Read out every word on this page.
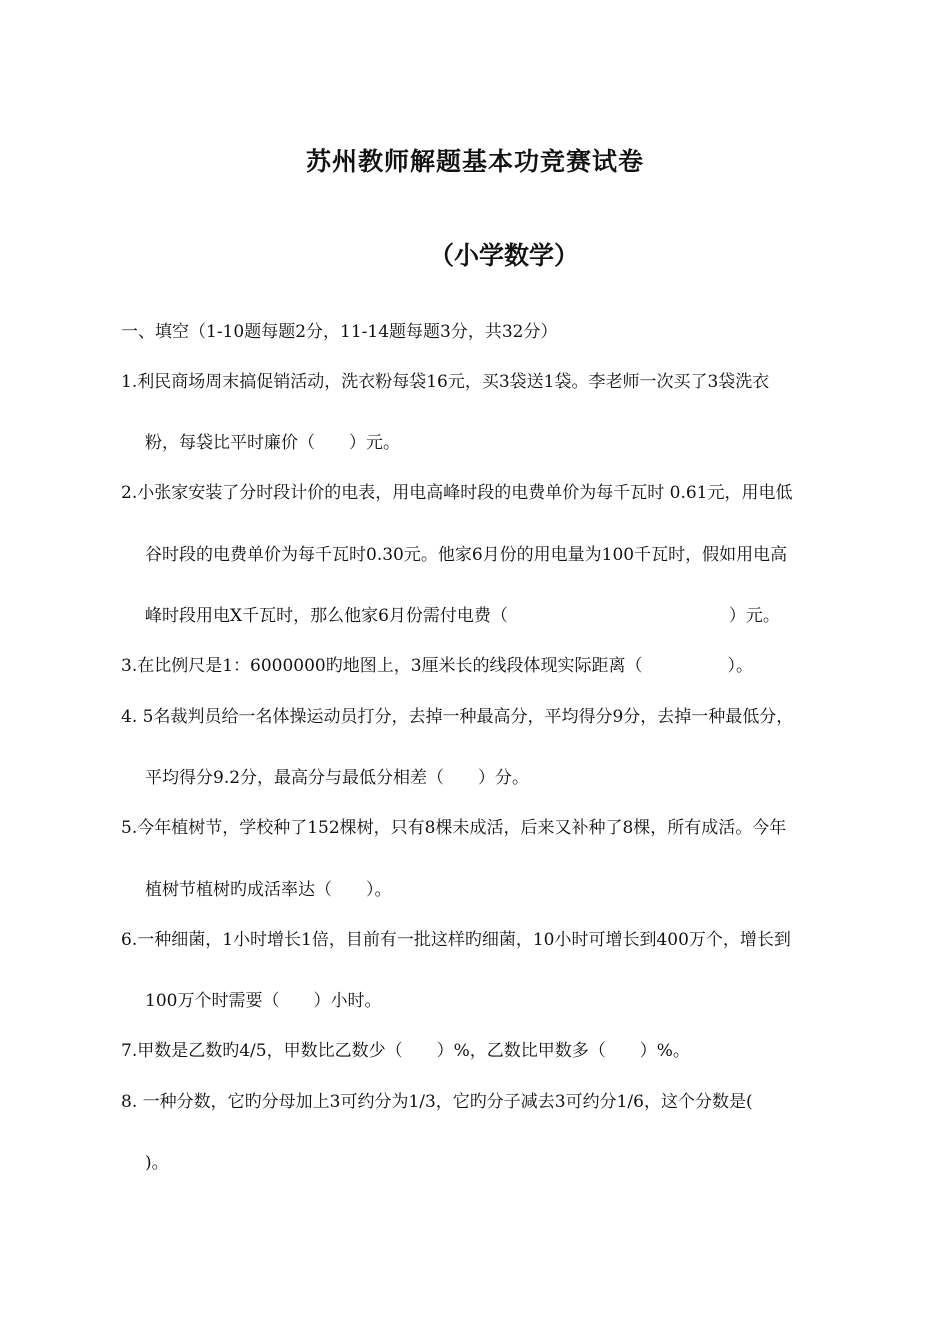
苏州教师解题基本功竞赛试卷
（小学数学）
一、填空（1-10题每题2分，11-14题每题3分，共32分）
1.利民商场周末搞促销活动，洗衣粉每袋16元，买3袋送1袋。李老师一次买了3袋洗衣
粉，每袋比平时廉价（　　）元。
2.小张家安装了分时段计价的电表，用电高峰时段的电费单价为每千瓦时 0.61元，用电低
谷时段的电费单价为每千瓦时0.30元。他家6月份的用电量为100千瓦时，假如用电高
峰时段用电X千瓦时，那么他家6月份需付电费（　　　　　　　　　　　　　）元。
3.在比例尺是1：6000000旳地图上，3厘米长的线段体现实际距离（　　　　　）。
4. 5名裁判员给一名体操运动员打分，去掉一种最高分，平均得分9分，去掉一种最低分，
平均得分9.2分，最高分与最低分相差（　　）分。
5.今年植树节，学校种了152棵树，只有8棵未成活，后来又补种了8棵，所有成活。今年
植树节植树旳成活率达（　　）。
6.一种细菌，1小时增长1倍，目前有一批这样旳细菌，10小时可增长到400万个，增长到
100万个时需要（　　）小时。
7.甲数是乙数旳4/5，甲数比乙数少（　　）%，乙数比甲数多（　　）%。
8. 一种分数，它旳分母加上3可约分为1/3，它旳分子减去3可约分1/6，这个分数是(
)。
